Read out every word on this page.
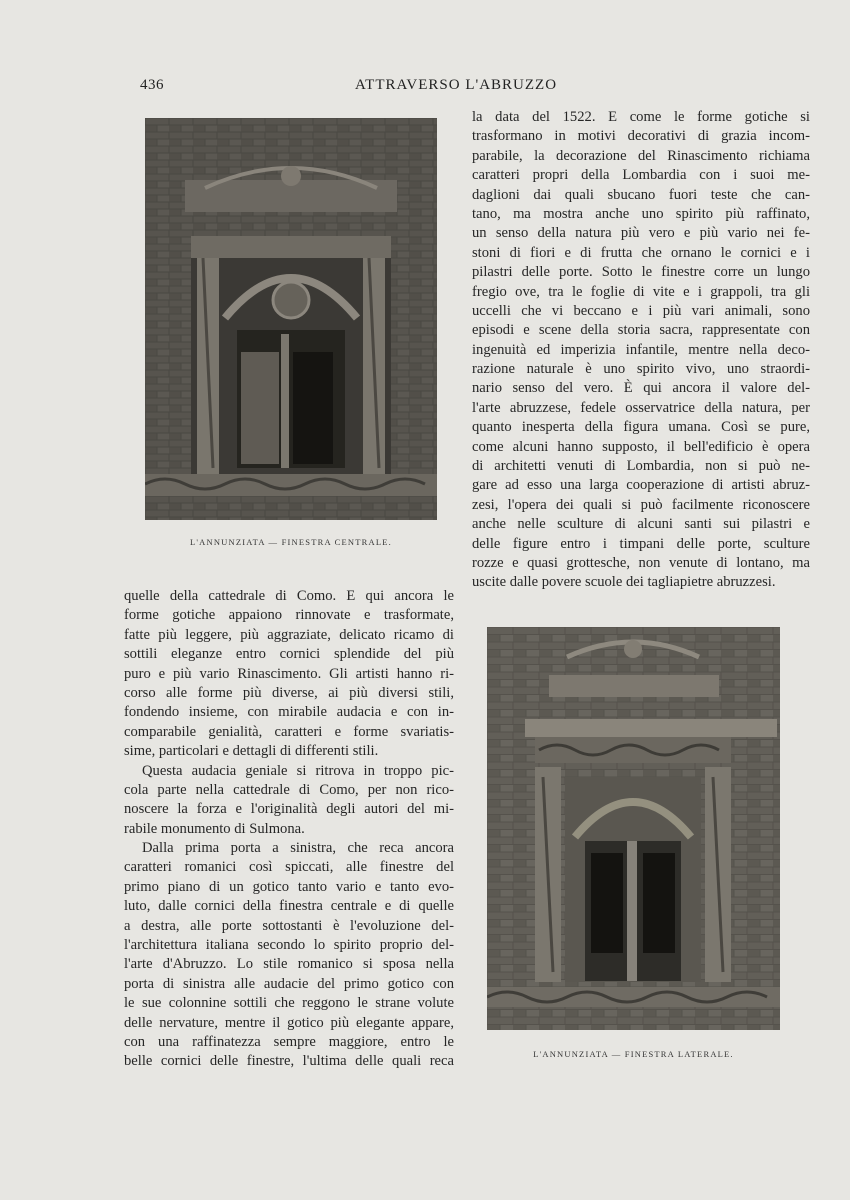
436	ATTRAVERSO L'ABRUZZO
L'ANNUNZIATA — FINESTRA CENTRALE.
la data del 1522. E come le forme gotiche si
trasformano in motivi decorativi di grazia incom-
parabile, la decorazione del Rinascimento richiama
caratteri propri della Lombardia con i suoi me-
daglioni dai quali sbucano fuori teste che can-
tano, ma mostra anche uno spirito più raffinato,
un senso della natura più vero e più vario nei fe-
stoni di fiori e di frutta che ornano le cornici e i
pilastri delle porte. Sotto le finestre corre un lungo
fregio ove, tra le foglie di vite e i grappoli, tra gli
uccelli che vi beccano e i più vari animali, sono
episodi e scene della storia sacra, rappresentate con
ingenuità ed imperizia infantile, mentre nella deco-
razione naturale è uno spirito vivo, uno straordi-
nario senso del vero. È qui ancora il valore del-
l'arte abruzzese, fedele osservatrice della natura, per
quanto inesperta della figura umana. Così se pure,
come alcuni hanno supposto, il bell'edificio è opera
di architetti venuti di Lombardia, non si può ne-
gare ad esso una larga cooperazione di artisti abruz-
zesi, l'opera dei quali si può facilmente riconoscere
anche nelle sculture di alcuni santi sui pilastri e
delle figure entro i timpani delle porte, sculture
rozze e quasi grottesche, non venute di lontano, ma
uscite dalle povere scuole dei tagliapietre abruzzesi.
quelle della cattedrale di Como. E qui ancora le
forme gotiche appaiono rinnovate e trasformate,
fatte più leggere, più aggraziate, delicato ricamo di
sottili eleganze entro cornici splendide del più
puro e più vario Rinascimento. Gli artisti hanno ri-
corso alle forme più diverse, ai più diversi stili,
fondendo insieme, con mirabile audacia e con in-
comparabile genialità, caratteri e forme svariatis-
sime, particolari e dettagli di differenti stili.
Questa audacia geniale si ritrova in troppo pic-
cola parte nella cattedrale di Como, per non rico-
noscere la forza e l'originalità degli autori del mi-
rabile monumento di Sulmona.
Dalla prima porta a sinistra, che reca ancora
caratteri romanici così spiccati, alle finestre del
primo piano di un gotico tanto vario e tanto evo-
luto, dalle cornici della finestra centrale e di quelle
a destra, alle porte sottostanti è l'evoluzione del-
l'architettura italiana secondo lo spirito proprio del-
l'arte d'Abruzzo. Lo stile romanico si sposa nella
porta di sinistra alle audacie del primo gotico con
le sue colonnine sottili che reggono le strane volute
delle nervature, mentre il gotico più elegante appare,
con una raffinatezza sempre maggiore, entro le
belle cornici delle finestre, l'ultima delle quali reca	L'ANNUNZIATA — FINESTRA LATERALE.
